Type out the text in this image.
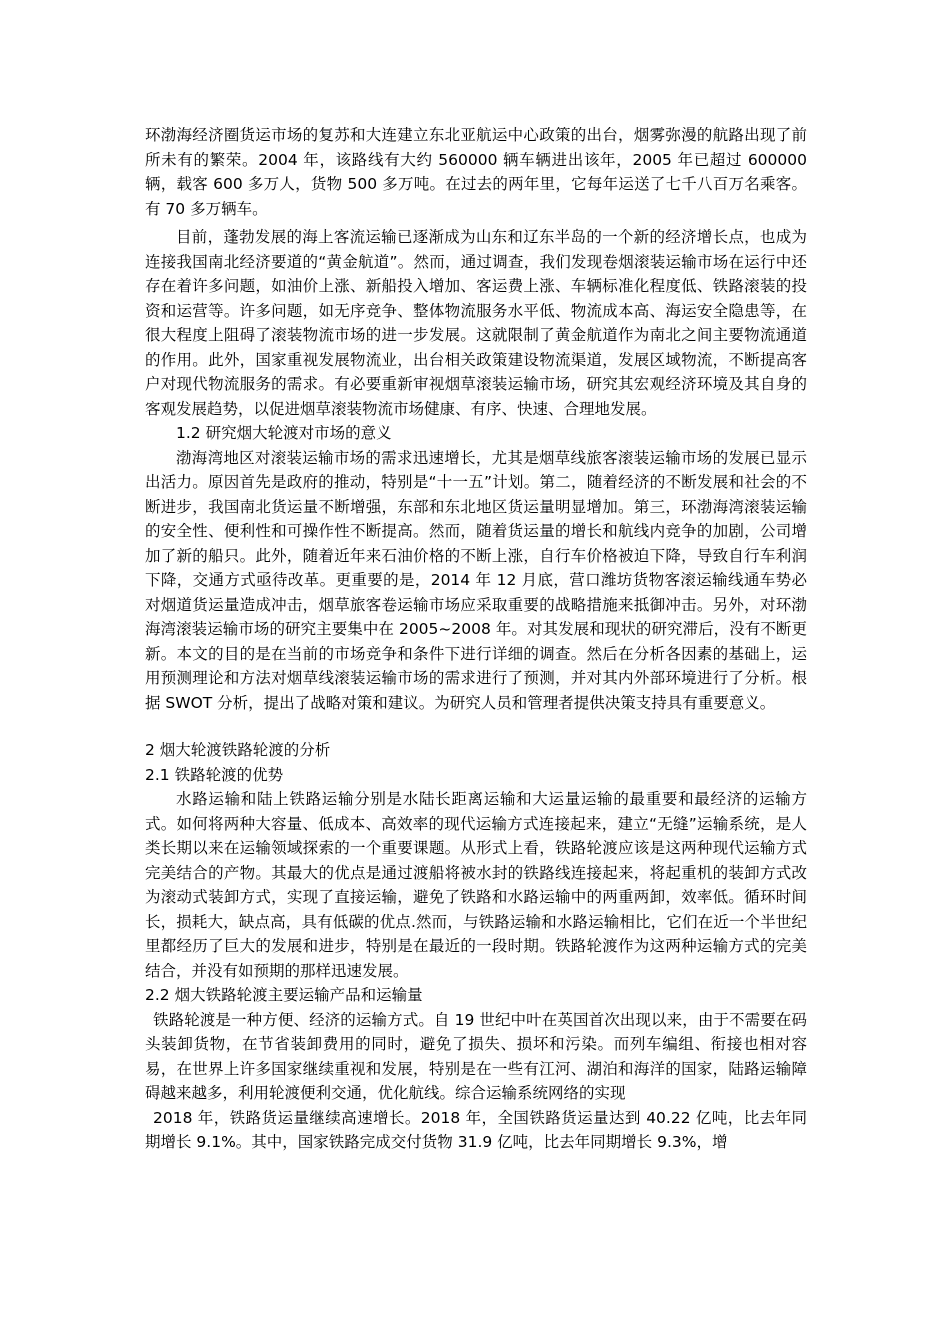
环渤海经济圈货运市场的复苏和大连建立东北亚航运中心政策的出台，烟雾弥漫的航路出现了前所未有的繁荣。2004 年，该路线有大约 560000 辆车辆进出该年，2005 年已超过 600000 辆，载客 600 多万人，货物 500 多万吨。在过去的两年里，它每年运送了七千八百万名乘客。有 70 多万辆车。

目前，蓬勃发展的海上客流运输已逐渐成为山东和辽东半岛的一个新的经济增长点，也成为连接我国南北经济要道的“黄金航道”。然而，通过调查，我们发现卷烟滚装运输市场在运行中还存在着许多问题，如油价上涨、新船投入增加、客运费上涨、车辆标准化程度低、铁路滚装的投资和运营等。许多问题，如无序竞争、整体物流服务水平低、物流成本高、海运安全隐患等，在很大程度上阻碍了滚装物流市场的进一步发展。这就限制了黄金航道作为南北之间主要物流通道的作用。此外，国家重视发展物流业，出台相关政策建设物流渠道，发展区域物流，不断提高客户对现代物流服务的需求。有必要重新审视烟草滚装运输市场，研究其宏观经济环境及其自身的客观发展趋势，以促进烟草滚装物流市场健康、有序、快速、合理地发展。

1.2 研究烟大轮渡对市场的意义

渤海湾地区对滚装运输市场的需求迅速增长，尤其是烟草线旅客滚装运输市场的发展已显示出活力。原因首先是政府的推动，特别是“十一五”计划。第二，随着经济的不断发展和社会的不断进步，我国南北货运量不断增强，东部和东北地区货运量明显增加。第三，环渤海湾滚装运输的安全性、便利性和可操作性不断提高。然而，随着货运量的增长和航线内竞争的加剧，公司增加了新的船只。此外，随着近年来石油价格的不断上涨，自行车价格被迫下降，导致自行车利润下降，交通方式亟待改革。更重要的是，2014 年 12 月底，营口潍坊货物客滚运输线通车势必对烟道货运量造成冲击，烟草旅客卷运输市场应采取重要的战略措施来抵御冲击。另外，对环渤海湾滚装运输市场的研究主要集中在 2005~2008 年。对其发展和现状的研究滞后，没有不断更新。本文的目的是在当前的市场竞争和条件下进行详细的调查。然后在分析各因素的基础上，运用预测理论和方法对烟草线滚装运输市场的需求进行了预测，并对其内外部环境进行了分析。根据 SWOT 分析，提出了战略对策和建议。为研究人员和管理者提供决策支持具有重要意义。

2 烟大轮渡铁路轮渡的分析

2.1 铁路轮渡的优势

水路运输和陆上铁路运输分别是水陆长距离运输和大运量运输的最重要和最经济的运输方式。如何将两种大容量、低成本、高效率的现代运输方式连接起来，建立“无缝”运输系统，是人类长期以来在运输领域探索的一个重要课题。从形式上看，铁路轮渡应该是这两种现代运输方式完美结合的产物。其最大的优点是通过渡船将被水封的铁路线连接起来，将起重机的装卸方式改为滚动式装卸方式，实现了直接运输，避免了铁路和水路运输中的两重两卸，效率低。循环时间长，损耗大，缺点高，具有低碳的优点.然而，与铁路运输和水路运输相比，它们在近一个半世纪里都经历了巨大的发展和进步，特别是在最近的一段时期。铁路轮渡作为这两种运输方式的完美结合，并没有如预期的那样迅速发展。

2.2 烟大铁路轮渡主要运输产品和运输量

铁路轮渡是一种方便、经济的运输方式。自 19 世纪中叶在英国首次出现以来，由于不需要在码头装卸货物，在节省装卸费用的同时，避免了损失、损坏和污染。而列车编组、衔接也相对容易，在世界上许多国家继续重视和发展，特别是在一些有江河、湖泊和海洋的国家，陆路运输障碍越来越多，利用轮渡便利交通，优化航线。综合运输系统网络的实现

2018 年，铁路货运量继续高速增长。2018 年，全国铁路货运量达到 40.22 亿吨，比去年同期增长 9.1%。其中，国家铁路完成交付货物 31.9 亿吨，比去年同期增长 9.3%，增
